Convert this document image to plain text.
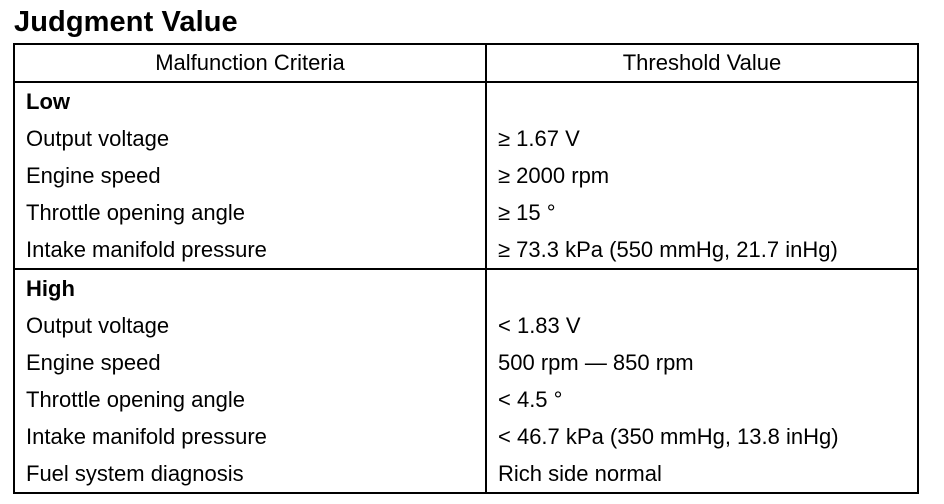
Judgment Value
Malfunction Criteria	Threshold Value
Low	
Output voltage	≥ 1.67 V
Engine speed	≥ 2000 rpm
Throttle opening angle	≥ 15 °
Intake manifold pressure	≥ 73.3 kPa (550 mmHg, 21.7 inHg)
High	
Output voltage	< 1.83 V
Engine speed	500 rpm — 850 rpm
Throttle opening angle	< 4.5 °
Intake manifold pressure	< 46.7 kPa (350 mmHg, 13.8 inHg)
Fuel system diagnosis	Rich side normal
